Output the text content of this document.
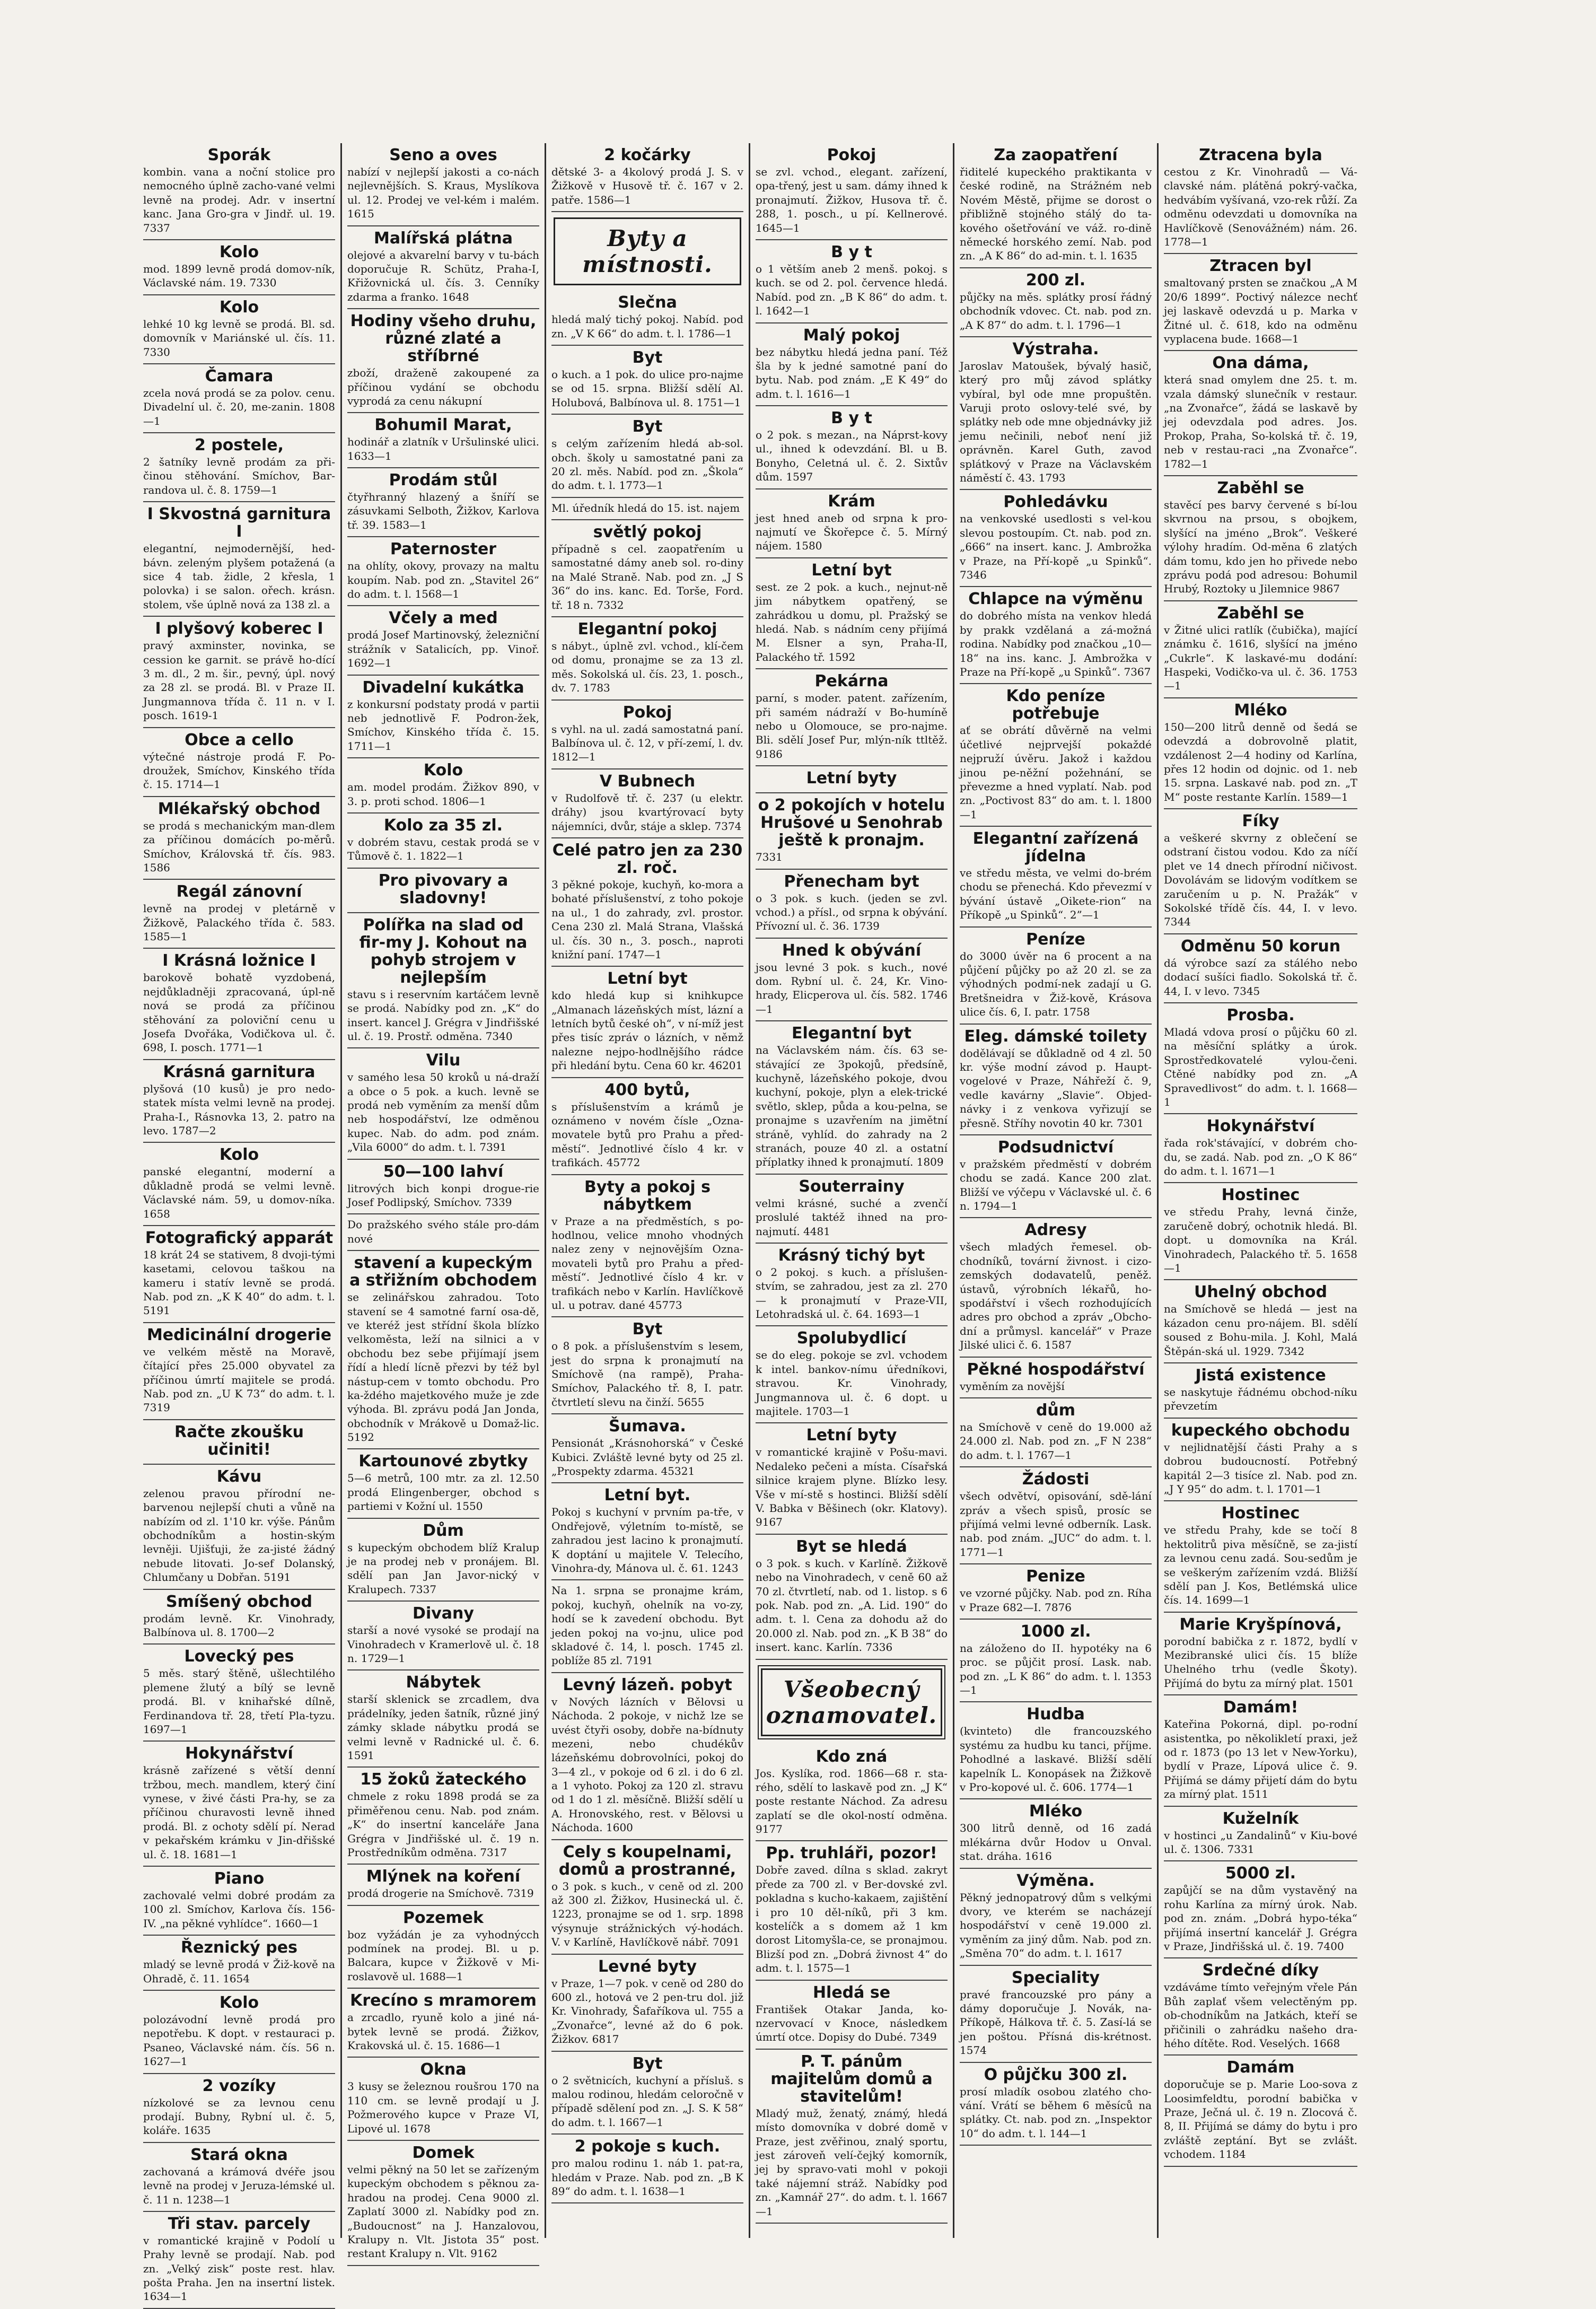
Sporák
kombin. vana a noční stolice pro nemocného úplně zacho-vané velmi levně na prodej. Adr. v insertní kanc. Jana Gro-gra v Jindř. ul. 19. 7337
Kolo
mod. 1899 levně prodá domov-ník, Václavské nám. 19. 7330
Kolo
lehké 10 kg levně se prodá. Bl. sd. domovník v Mariánské ul. čís. 11. 7330
Čamara
zcela nová prodá se za polov. cenu. Divadelní ul. č. 20, me-zanin. 1808—1
2 postele,
2 šatníky levně prodám za při-činou stěhování. Smíchov, Bar-randova ul. č. 8. 1759—1
I Skvostná garnitura I
elegantní, nejmodernější, hed-bávn. zeleným plyšem potažená (a sice 4 tab. židle, 2 křesla, 1 polovka) i se salon. ořech. krásn. stolem, vše úplně nová za 138 zl. a
I plyšový koberec I
pravý axminster, novinka, se cession ke garnit. se právě ho-dící 3 m. dl., 2 m. šir., pevný, úpl. nový za 28 zl. se prodá. Bl. v Praze II. Jungmannova třída č. 11 n. v I. posch. 1619-1
Obce a cello
výtečné nástroje prodá F. Po-droužek, Smíchov, Kinského třída č. 15. 1714—1
Mlékařský obchod
se prodá s mechanickým man-dlem za příčinou domácích po-měrů. Smíchov, Královská tř. čís. 983. 1586
Regál zánovní
levně na prodej v pletárně v Žižkově, Palackého třída č. 583. 1585—1
I Krásná ložnice I
barokově bohatě vyzdobená, nejdůkladněji zpracovaná, úpl-ně nová se prodá za příčinou stěhování za poloviční cenu u Josefa Dvořáka, Vodičkova ul. č. 698, I. posch. 1771—1
Krásná garnitura
plyšová (10 kusů) je pro nedo-statek místa velmi levně na prodej. Praha-I., Rásnovka 13, 2. patro na levo. 1787—2
Kolo
panské elegantní, moderní a důkladně prodá se velmi levně. Václavské nám. 59, u domov-níka. 1658
Fotografický apparát
18 krát 24 se stativem, 8 dvoji-tými kasetami, celovou taškou na kameru i statív levně se prodá. Nab. pod zn. „K K 40“ do adm. t. l. 5191
Medicinální drogerie
ve velkém městě na Moravě, čítající přes 25.000 obyvatel za příčinou úmrtí majitele se prodá. Nab. pod zn. „U K 73“ do adm. t. l. 7319
Račte zkoušku učiniti!
Kávu
zelenou pravou přírodní ne-barvenou nejlepší chuti a vůně na nabízím od zl. 1'10 kr. výše. Pánům obchodníkům a hostin-ským levněji. Ujišťuji, že za-jisté žádný nebude litovati. Jo-sef Dolanský, Chlumčany u Dobřan. 5191
Smíšený obchod
prodám levně. Kr. Vinohrady, Balbínova ul. 8. 1700—2
Lovecký pes
5 měs. starý štěně, ušlechtilého plemene žlutý a bílý se levně prodá. Bl. v knihařské dílně, Ferdinandova tř. 28, třetí Pla-tyzu. 1697—1
Hokynářství
krásně zařízené s větší denní tržbou, mech. mandlem, který činí vynese, v živé části Pra-hy, se za příčinou churavosti levně ihned prodá. Bl. z ochoty sdělí pí. Nerad v pekařském krámku v Jin-dřišské ul. č. 18. 1681—1
Piano
zachovalé velmi dobré prodám za 100 zl. Smíchov, Karlova čís. 156-IV. „na pěkné vyhlídce“. 1660—1
Řeznický pes
mladý se levně prodá v Žiž-kově na Ohradě, č. 11. 1654
Kolo
polozávodní levně prodá pro nepotřebu. K dopt. v restauraci p. Psaneo, Václavské nám. čís. 56 n. 1627—1
2 vozíky
nízkolové se za levnou cenu prodají. Bubny, Rybní ul. č. 5, koláře. 1635
Stará okna
zachovaná a krámová dvéře jsou levně na prodej v Jeruza-lémské ul. č. 11 n. 1238—1
Tři stav. parcely
v romantické krajině v Podolí u Prahy levně se prodají. Nab. pod zn. „Velký zisk“ poste rest. hlav. pošta Praha. Jen na insertní listek. 1634—1
Seno a oves
nabízí v nejlepší jakosti a co-nách nejlevnějších. S. Kraus, Myslíkova ul. 12. Prodej ve vel-kém i malém. 1615
Malířská plátna
olejové a akvarelní barvy v tu-bách doporučuje R. Schütz, Praha-I, Křižovnická ul. čís. 3. Cenníky zdarma a franko. 1648
Hodiny všeho druhu, různé zlaté a stříbrné
zboží, draženě zakoupené za příčinou vydání se obchodu vyprodá za cenu nákupní
Bohumil Marat,
hodinář a zlatník v Uršulinské ulici. 1633—1
Prodám stůl
čtyřhranný hlazený a šníří se zásuvkami Selboth, Žižkov, Karlova tř. 39. 1583—1
Paternoster
na ohlíty, okovy, provazy na maltu koupím. Nab. pod zn. „Stavitel 26“ do adm. t. l. 1568—1
Včely a med
prodá Josef Martinovský, železniční strážník v Satalicích, pp. Vinoř. 1692—1
Divadelní kukátka
z konkursní podstaty prodá v partii neb jednotlivě F. Podron-žek, Smíchov, Kinského třída č. 15. 1711—1
Kolo
am. model prodám. Žižkov 890, v 3. p. proti schod. 1806—1
Kolo za 35 zl.
v dobrém stavu, cestak prodá se v Tůmově č. 1. 1822—1
Pro pivovary a sladovny!
Polířka na slad od fir-my J. Kohout na pohyb strojem v nejlepším
stavu s i reservním kartáčem levně se prodá. Nabídky pod zn. „K“ do insert. kancel J. Grégra v Jindřišské ul. č. 19. Prostř. odměna. 7340
Vilu
v samého lesa 50 kroků u ná-draží a obce o 5 pok. a kuch. levně se prodá neb vyměním za menší dům neb hospodářství, lze odměnou kupec. Nab. do adm. pod znám. „Vila 6000“ do adm. t. l. 7391
50—100 lahví
litrových bich konpi drogue-rie Josef Podlipský, Smíchov. 7339
Do pražského svého stále pro-dám nové
stavení a kupeckým a střižním obchodem
se zelinářskou zahradou. Toto stavení se 4 samotné farní osa-dě, ve kteréž jest střídní škola blízko velkoměsta, leží na silnici a v obchodu bez sebe přijímají jsem řídí a hledí lícně přezvi by též byl nástup-cem v tomto obchodu. Pro ka-ždého majetkového muže je zde výhoda. Bl. zprávu podá Jan Jonda, obchodník v Mrákově u Domaž-lic. 5192
Kartounové zbytky
5—6 metrů, 100 mtr. za zl. 12.50 prodá Elingenberger, obchod s partiemi v Kožní ul. 1550
Dům
s kupeckým obchodem blíž Kralup je na prodej neb v pronájem. Bl. sdělí pan Jan Javor-nický v Kralupech. 7337
Divany
starší a nové vysoké se prodají na Vinohradech v Kramerlově ul. č. 18 n. 1729—1
Nábytek
starší sklenick se zrcadlem, dva prádelníky, jeden šatník, různé jiný zámky sklade nábytku prodá se velmi levně v Radnické ul. č. 6. 1591
15 žoků žateckého
chmele z roku 1898 prodá se za přiměřenou cenu. Nab. pod znám. „K“ do insertní kanceláře Jana Grégra v Jindřišské ul. č. 19 n. Prostředníkům odměna. 7317
Mlýnek na koření
prodá drogerie na Smíchově. 7319
Pozemek
boz vyžádán je za vyhodnýcch podmínek na prodej. Bl. u p. Balcara, kupce v Žižkově v Mi-roslavově ul. 1688—1
Krecíno s mramorem
a zrcadlo, ryuně kolo a jiné ná-bytek levně se prodá. Žižkov, Krakovská ul. č. 15. 1686—1
Okna
3 kusy se železnou roušrou 170 na 110 cm. se levně prodají u J. Požmerového kupce v Praze VI, Lipové ul. 1678
Domek
velmi pěkný na 50 let se zařízeným kupeckým obchodem s pěknou za-hradou na prodej. Cena 9000 zl. Zaplatí 3000 zl. Nabídky pod zn. „Budoucnost“ na J. Hanzalovou, Kralupy n. Vlt. Jistota 35“ post. restant Kralupy n. Vlt. 9162
2 kočárky
dětské 3- a 4kolový prodá J. S. v Žižkově v Husově tř. č. 167 v 2. patře. 1586—1
Byty a místnosti.
Slečna
hledá malý tichý pokoj. Nabíd. pod zn. „V K 66“ do adm. t. l. 1786—1
Byt
o kuch. a 1 pok. do ulice pro-najme se od 15. srpna. Bližší sdělí Al. Holubová, Balbínova ul. 8. 1751—1
Byt
s celým zařízením hledá ab-sol. obch. školy u samostatné pani za 20 zl. měs. Nabíd. pod zn. „Škola“ do adm. t. l. 1773—1
Ml. úředník hledá do 15. ist. najem
světlý pokoj
případně s cel. zaopatřením u samostatné dámy aneb sol. ro-diny na Malé Straně. Nab. pod zn. „J S 36“ do ins. kanc. Ed. Torše, Ford. tř. 18 n. 7332
Elegantní pokoj
s nábyt., úplně zvl. vchod., klí-čem od domu, pronajme se za 13 zl. měs. Sokolská ul. čís. 23, 1. posch., dv. 7. 1783
Pokoj
s vyhl. na ul. zadá samostatná paní. Balbínova ul. č. 12, v pří-zemí, l. dv. 1812—1
V Bubnech
v Rudolfově tř. č. 237 (u elektr. dráhy) jsou kvartýrovací byty nájemníci, dvůr, stáje a sklep. 7374
Celé patro jen za 230 zl. roč.
3 pěkné pokoje, kuchyň, ko-mora a bohaté příslušenství, z toho pokoje na ul., 1 do zahrady, zvl. prostor. Cena 230 zl. Malá Strana, Vlašská ul. čís. 30 n., 3. posch., naproti knižní paní. 1747—1
Letní byt
kdo hledá kup si knihkupce „Almanach lázeňských míst, lázní a letních bytů české oh“, v ní-míž jest přes tisíc zpráv o lázních, v němž nalezne nejpo-hodlnějšího rádce při hledání bytu. Cena 60 kr. 46201
400 bytů,
s příslušenstvím a krámů je oznámeno v novém čísle „Ozna-movatele bytů pro Prahu a před-městí“. Jednotlivé číslo 4 kr. v trafikách. 45772
Byty a pokoj s nábytkem
v Praze a na předměstích, s po-hodlnou, velice mnoho vhodných nalez zeny v nejnovějším Ozna-movateli bytů pro Prahu a před-městí“. Jednotlivé číslo 4 kr. v trafikách nebo v Karlín. Havlíčkově ul. u potrav. dané 45773
Byt
o 8 pok. a příslušenstvím s lesem, jest do srpna k pronajmutí na Smíchově (na rampě), Praha-Smíchov, Palackého tř. 8, I. patr. čtvrtletí slevu na činží. 5655
Šumava.
Pensionát „Krásnohorská“ v České Kubici. Zvláště levné byty od 25 zl. „Prospekty zdarma. 45321
Letní byt.
Pokoj s kuchyní v prvním pa-tře, v Ondřejově, výletním to-místě, se zahradou jest lacino k pronajmutí. K doptání u majitele V. Telecího, Vinohra-dy, Mánova ul. č. 61. 1243
Na 1. srpna se pronajme krám, pokoj, kuchyň, ohelník na vo-zy, hodí se k zavedení obchodu. Byt jeden pokoj na vo-jnu, ulice pod skladové č. 14, l. posch. 1745 zl. poblíže 85 zl. 7191
Levný lázeň. pobyt
v Nových lázních v Bělovsi u Náchoda. 2 pokoje, v nichž lze se uvést čtyři osoby, dobře na-bídnuty mezeni, nebo chudékův lázeňskému dobrovolníci, pokoj do 3—4 zl., v pokoje od 6 zl. i do 6 zl. a 1 vyhoto. Pokoj za 120 zl. stravu od 1 do 1 zl. měsíčně. Bližší sdělí u A. Hronovského, rest. v Bělovsi u Náchoda. 1600
Cely s koupelnami, domů a prostranné,
o 3 pok. s kuch., v ceně od zl. 200 až 300 zl. Žižkov, Husinecká ul. č. 1223, pronajme se od 1. srp. 1898 výsynuje strážnických vý-hodách. V. v Karlíně, Havlíčkově nábř. 7091
Levné byty
v Praze, 1—7 pok. v ceně od 280 do 600 zl., hotová ve 2 pen-tru dol. již Kr. Vinohrady, Šafaříkova ul. 755 a „Zvonařce“, levné až do 6 pok. Žižkov. 6817
Byt
o 2 světnicích, kuchyní a přísluš. s malou rodinou, hledám celoročně v případě sdělení pod zn. „J. S. K 58“ do adm. t. l. 1667—1
2 pokoje s kuch.
pro malou rodinu 1. náb 1. pat-ra, hledám v Praze. Nab. pod zn. „B K 89“ do adm. t. l. 1638—1
Pokoj
se zvl. vchod., elegant. zařízení, opa-třený, jest u sam. dámy ihned k pronajmutí. Žižkov, Husova tř. č. 288, 1. posch., u pí. Kellnerové. 1645—1
B y t
o 1 větším aneb 2 menš. pokoj. s kuch. se od 2. pol. července hledá. Nabíd. pod zn. „B K 86“ do adm. t. l. 1642—1
Malý pokoj
bez nábytku hledá jedna paní. Též šla by k jedné samotné paní do bytu. Nab. pod znám. „E K 49“ do adm. t. l. 1616—1
B y t
o 2 pok. s mezan., na Náprst-kovy ul., ihned k odevzdání. Bl. u B. Bonyho, Celetná ul. č. 2. Sixtův dům. 1597
Krám
jest hned aneb od srpna k pro-najmutí ve Škořepce č. 5. Mírný nájem. 1580
Letní byt
sest. ze 2 pok. a kuch., nejnut-ně jim nábytkem opatřený, se zahrádkou u domu, pl. Pražský se hledá. Nab. s nádním ceny přijímá M. Elsner a syn, Praha-II, Palackého tř. 1592
Pekárna
parní, s moder. patent. zařízením, při samém nádraží v Bo-humíně nebo u Olomouce, se pro-najme. Bli. sdělí Josef Pur, mlýn-ník ttltěž. 9186
Letní byty
o 2 pokojích v hotelu Hrušové u Senohrab ještě k pronajm.
7331
Přenecham byt
o 3 pok. s kuch. (jeden se zvl. vchod.) a přísl., od srpna k obývání. Přívozní ul. č. 36. 1739
Hned k obývání
jsou levné 3 pok. s kuch., nové dom. Rybní ul. č. 24, Kr. Vino-hrady, Elicperova ul. čís. 582. 1746—1
Elegantní byt
na Václavském nám. čís. 63 se-stávající ze 3pokojů, předsíně, kuchyně, lázeňského pokoje, dvou kuchyní, pokoje, plyn a elek-trické světlo, sklep, půda a kou-pelna, se pronajme s uzavřením na jimětní stráně, vyhlíd. do zahrady na 2 stranách, pouze 40 zl. a ostatní příplatky ihned k pronajmutí. 1809
Souterrainy
velmi krásné, suché a zvenčí proslulé taktéž ihned na pro-najmutí. 4481
Krásný tichý byt
o 2 pokoj. s kuch. a příslušen-stvím, se zahradou, jest za zl. 270— k pronajmutí v Praze-VII, Letohradská ul. č. 64. 1693—1
Spolubydlicí
se do eleg. pokoje se zvl. vchodem k intel. bankov-nímu úředníkovi, stravou. Kr. Vinohrady, Jungmannova ul. č. 6 dopt. u majitele. 1703—1
Letní byty
v romantické krajině v Pošu-mavi. Nedaleko pečeni a místa. Císařská silnice krajem plyne. Blízko lesy. Vše v mí-stě s hostinci. Bližší sdělí V. Babka v Běšinech (okr. Klatovy). 9167
Byt se hledá
o 3 pok. s kuch. v Karlíně. Žižkově nebo na Vinohradech, v ceně 60 až 70 zl. čtvrtletí, nab. od 1. listop. s 6 pok. Nab. pod zn. „A. Lid. 190“ do adm. t. l. Cena za dohodu až do 20.000 zl. Nab. pod zn. „K B 38“ do insert. kanc. Karlín. 7336
Všeobecný oznamovatel.
Kdo zná
Jos. Kyslíka, rod. 1866—68 r. sta-rého, sdělí to laskavě pod zn. „J K“ poste restante Náchod. Za adresu zaplatí se dle okol-ností odměna. 9177
Pp. truhláři, pozor!
Dobře zaved. dílna s sklad. zakryt přede za 700 zl. v Ber-dovské zvl. pokladna s kucho-kakaem, zajištění i pro 10 děl-níků, při 3 km. kostelíčk a s domem až 1 km dorost Litomyšla-ce, se pronajmou. Blizší pod zn. „Dobrá živnost 4“ do adm. t. l. 1575—1
Hledá se
František Otakar Janda, ko-nzervovací v Knoce, následkem úmrtí otce. Dopisy do Dubé. 7349
P. T. pánům majitelům domů a stavitelům!
Mladý muž, ženatý, známý, hledá místo domovníka v dobré domě v Praze, jest zvěřinou, znalý sportu, jest zároveň velí-čejký komorník, jej by spravo-vati mohl v pokoji také nájemní stráž. Nabídky pod zn. „Kamnář 27“. do adm. t. l. 1667—1
Za zaopatření
řiditelé kupeckého praktikanta v české rodině, na Strážném neb Novém Městě, přijme se dorost o přibližně stojného stálý do ta-kového ošetřování ve váž. ro-dině německé horského zemí. Nab. pod zn. „A K 86“ do ad-min. t. l. 1635
200 zl.
půjčky na měs. splátky prosí řádný obchodník vdovec. Ct. nab. pod zn. „A K 87“ do adm. t. l. 1796—1
Výstraha.
Jaroslav Matoušek, bývalý hasič, který pro můj závod splátky vybíral, byl ode mne propuštěn. Varuji proto oslovy-telé své, by splátky neb ode mne objednávky již jemu nečinili, neboť není již oprávněn. Karel Guth, zavod splátkový v Praze na Václavském náměstí č. 43. 1793
Pohledávku
na venkovské usedlosti s vel-kou slevou postoupím. Ct. nab. pod zn. „666“ na insert. kanc. J. Ambrožka v Praze, na Pří-kopě „u Spinků“. 7346
Chlapce na výměnu
do dobrého místa na venkov hledá by prakk vzdělaná a zá-možná rodina. Nabídky pod značkou „10—18“ na ins. kanc. J. Ambrožka v Praze na Pří-kopě „u Spinků“. 7367
Kdo peníze potřebuje
ať se obrátí důvěrně na velmi účetlivé nejprvejší pokaždé nejpruží úvěru. Jakož i každou jinou pe-něžní požehnání, se převezme a hned vyplatí. Nab. pod zn. „Poctivost 83“ do am. t. l. 1800—1
Elegantní zařízená jídelna
ve středu města, ve velmi do-brém chodu se přenechá. Kdo převezmí v bývání ústavě „Oikete-rion“ na Příkopě „u Spinků“. 2”—1
Peníze
do 3000 úvěr na 6 procent a na půjčení půjčky po až 20 zl. se za výhodných podmí-nek zadají u G. Bretšneidra v Žiž-kově, Krásova ulice čís. 6, I. patr. 1758
Eleg. dámské toilety
dodělávají se důkladně od 4 zl. 50 kr. výše modní závod p. Haupt-vogelové v Praze, Náhřeží č. 9, vedle kavárny „Slavie“. Objed-návky i z venkova vyřizují se přesně. Stříhy novotin 40 kr. 7301
Podsudnictví
v pražském předměstí v dobrém chodu se zadá. Kance 200 zlat. Bližší ve výčepu v Václavské ul. č. 6 n. 1794—1
Adresy
všech mladých řemesel. ob-chodníků, tovární živnost. i cizo-zemských dodavatelů, peněž. ústavů, výrobních lékařů, ho-spodářství i všech rozhodujících adres pro obchod a zpráv „Obcho-dní a průmysl. kancelář“ v Praze Jilské ulici č. 6. 1587
Pěkné hospodářství
vyměním za novější
dům
na Smíchově v ceně do 19.000 až 24.000 zl. Nab. pod zn. „F N 238“ do adm. t. l. 1767—1
Žádosti
všech odvětví, opisování, sdě-lání zpráv a všech spisů, prosíc se přijímá velmi levné odberník. Lask. nab. pod znám. „JUC“ do adm. t. l. 1771—1
Penize
ve vzorné půjčky. Nab. pod zn. Ríha v Praze 682—I. 7876
1000 zl.
na záloženo do II. hypotéky na 6 proc. se půjčit prosí. Lask. nab. pod zn. „L K 86“ do adm. t. l. 1353—1
Hudba
(kvinteto) dle francouzského systému za hudbu ku tanci, příjme. Pohodlné a laskavé. Bližší sdělí kapelník L. Konopásek na Žižkově v Pro-kopové ul. č. 606. 1774—1
Mléko
300 litrů denně, od 16 zadá mlékárna dvůr Hodov u Onval. stat. dráha. 1616
Výměna.
Pěkný jednopatrový dům s velkými dvory, ve kterém se nacházejí hospodářství v ceně 19.000 zl. vyměním za jiný dům. Nab. pod zn. „Směna 70“ do adm. t. l. 1617
Speciality
pravé francouzské pro pány a dámy doporučuje J. Novák, na-Příkopě, Hálkova tř. č. 5. Zasí-lá se jen poštou. Přísná dis-krétnost. 1574
O půjčku 300 zl.
prosí mladík osobou zlatého cho-vání. Vrátí se během 6 měsíců na splátky. Ct. nab. pod zn. „Inspektor 10“ do adm. t. l. 144—1
Ztracena byla
cestou z Kr. Vinohradů — Vá-clavské nám. plátěná pokrý-vačka, hedvábím vyšívaná, vzo-rek růží. Za odměnu odevzdati u domovníka na Havlíčkově (Senovážném) nám. 26. 1778—1
Ztracen byl
smaltovaný prsten se značkou „A M 20/6 1899“. Poctivý nálezce nechť jej laskavě odevzdá u p. Marka v Žitné ul. č. 618, kdo na odměnu vyplacena bude. 1668—1
Ona dáma,
která snad omylem dne 25. t. m. vzala dámský slunečník v restaur. „na Zvonařce“, žádá se laskavě by jej odevzdala pod adres. Jos. Prokop, Praha, So-kolská tř. č. 19, neb v restau-raci „na Zvonařce“. 1782—1
Zaběhl se
stavěcí pes barvy červené s bí-lou skvrnou na prsou, s obojkem, slyšící na jméno „Brok“. Veškeré výlohy hradím. Od-měna 6 zlatých dám tomu, kdo jen ho přivede nebo zprávu podá pod adresou: Bohumil Hrubý, Roztoky u Jilemnice 9867
Zaběhl se
v Žitné ulici ratlík (čubička), mající známku č. 1616, slyšící na jméno „Cukrle“. K laskavé-mu dodání: Haspeki, Vodičko-va ul. č. 36. 1753—1
Mléko
150—200 litrů denně od šedá se odevzdá a dobrovolně platit, vzdálenost 2—4 hodiny od Karlína, přes 12 hodin od dojnic. od 1. neb 15. srpna. Laskavé nab. pod zn. „T M“ poste restante Karlín. 1589—1
Fíky
a veškeré skvrny z oblečení se odstraní čistou vodou. Kdo za níčí plet ve 14 dnech přírodní ničivost. Dovolávám se lidovým vodítkem se zaručením u p. N. Pražák“ v Sokolské třídě čís. 44, I. v levo. 7344
Odměnu 50 korun
dá výrobce sazí za stálého nebo dodací sušíci fiadlo. Sokolská tř. č. 44, I. v levo. 7345
Prosba.
Mladá vdova prosí o půjčku 60 zl. na měsíční splátky a úrok. Sprostředkovatelé vylou-čeni. Ctěné nabídky pod zn. „A Spravedlivost“ do adm. t. l. 1668—1
Hokynářství
řada rok'stávající, v dobrém cho-du, se zadá. Nab. pod zn. „O K 86“ do adm. t. l. 1671—1
Hostinec
ve středu Prahy, levná činže, zaručeně dobrý, ochotnik hledá. Bl. dopt. u domovníka na Král. Vinohradech, Palackého tř. 5. 1658—1
Uhelný obchod
na Smíchově se hledá — jest na kázadon cenu pro-nájem. Bl. sdělí soused z Bohu-mila. J. Kohl, Malá Štěpán-ská ul. 1929. 7342
Jistá existence
se naskytuje řádnému obchod-níku převzetím
kupeckého obchodu
v nejlidnatější části Prahy a s dobrou budoucností. Potřebný kapitál 2—3 tisíce zl. Nab. pod zn. „J Y 95“ do adm. t. l. 1701—1
Hostinec
ve středu Prahy, kde se točí 8 hektolitrů piva měsíčně, se za-jistí za levnou cenu zadá. Sou-sedům je se veškerým zařízením vzdá. Bližší sdělí pan J. Kos, Betlémská ulice čís. 14. 1699—1
Marie Kryšpínová,
porodní babička z r. 1872, bydlí v Mezibranské ulici čís. 15 blíže Uhelného trhu (vedle Škoty). Přijímá do bytu za mírný plat. 1501
Damám!
Kateřina Pokorná, dipl. po-rodní asistentka, po několikletí praxi, jež od r. 1873 (po 13 let v New-Yorku), bydlí v Praze, Lípová ulice č. 9. Přijímá se dámy přijetí dám do bytu za mírný plat. 1511
Kuželník
v hostinci „u Zandalinů“ v Kiu-bové ul. č. 1306. 7331
5000 zl.
zapůjčí se na dům vystavěný na rohu Karlína za mírný úrok. Nab. pod zn. znám. „Dobrá hypo-téka“ přijímá insertní kancelář J. Grégra v Praze, Jindřišská ul. č. 19. 7400
Srdečné díky
vzdáváme tímto veřejným vřele Pán Bůh zaplať všem velectěným pp. ob-chodníkům na Jatkách, kteří se přičinili o zahrádku našeho dra-hého dítěte. Rod. Veselých. 1668
Damám
doporučuje se p. Marie Loo-sova z Loosimfeldtu, porodní babička v Praze, Ječná ul. č. 19 n. Zlocová č. 8, II. Přijímá se dámy do bytu i pro zvláště zeptání. Byt se zvlášt. vchodem. 1184
